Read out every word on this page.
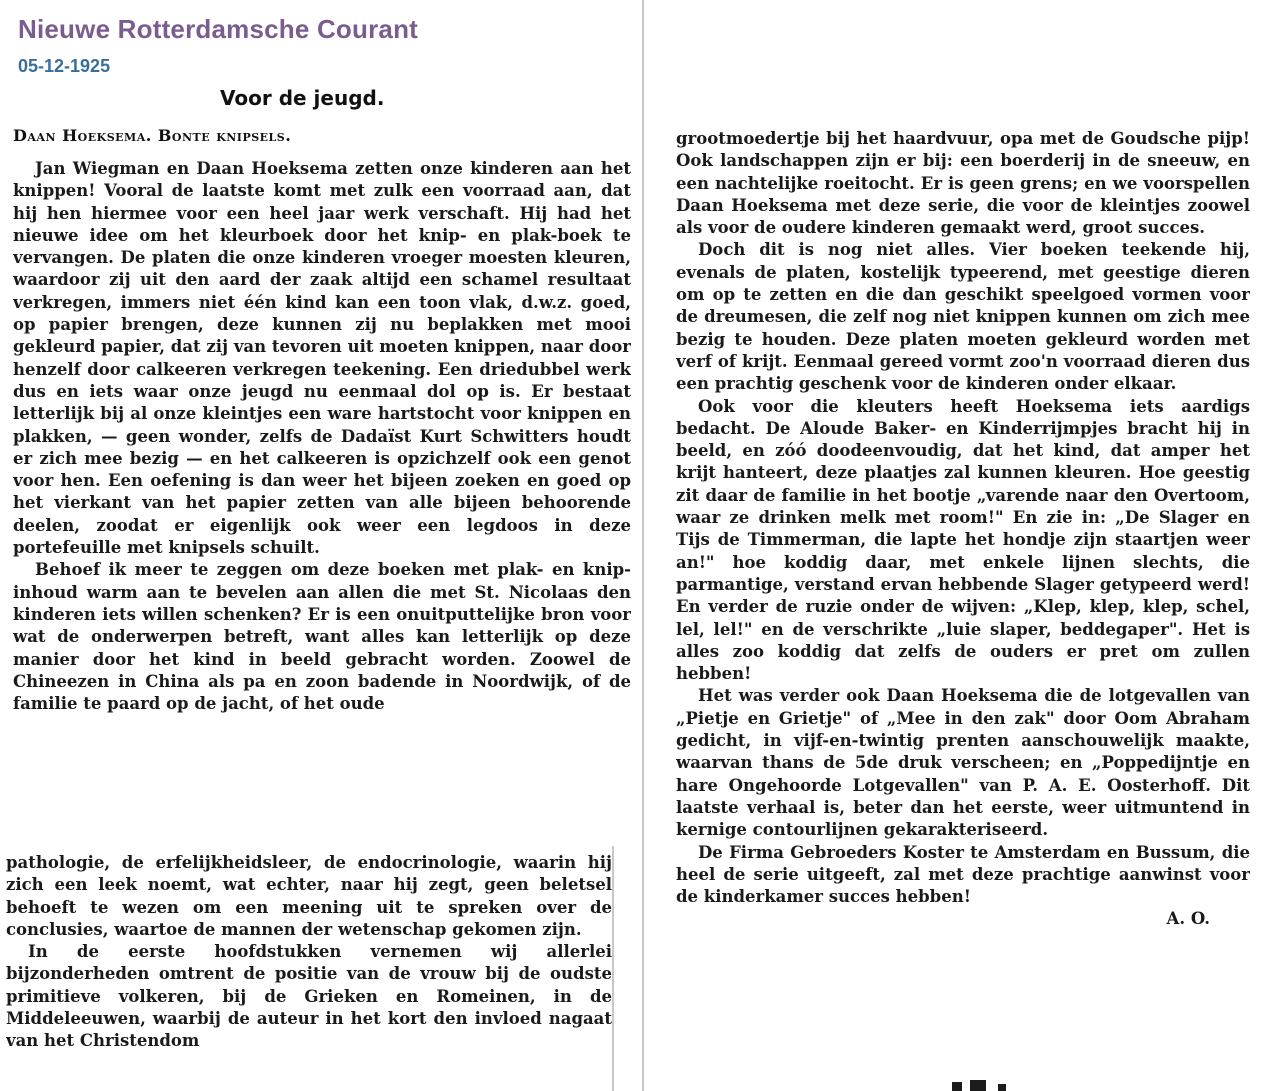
Nieuwe Rotterdamsche Courant
05-12-1925
Voor de jeugd.
Daan Hoeksema. Bonte knipsels.

Jan Wiegman en Daan Hoeksema zetten onze kinderen aan het knippen! Vooral de laatste komt met zulk een voorraad aan, dat hij hen hiermee voor een heel jaar werk verschaft. Hij had het nieuwe idee om het kleurboek door het knip- en plak-boek te vervangen. De platen die onze kinderen vroeger moesten kleuren, waardoor zij uit den aard der zaak altijd een schamel resultaat verkregen, immers niet één kind kan een toon vlak, d.w.z. goed, op papier brengen, deze kunnen zij nu beplakken met mooi gekleurd papier, dat zij van tevoren uit moeten knippen, naar door henzelf door calkeeren verkregen teekening. Een driedubbel werk dus en iets waar onze jeugd nu eenmaal dol op is. Er bestaat letterlijk bij al onze kleintjes een ware hartstocht voor knippen en plakken, — geen wonder, zelfs de Dadaïst Kurt Schwitters houdt er zich mee bezig — en het calkeeren is opzichzelf ook een genot voor hen. Een oefening is dan weer het bijeen zoeken en goed op het vierkant van het papier zetten van alle bijeen behoorende deelen, zoodat er eigenlijk ook weer een legdoos in deze portefeuille met knipsels schuilt.

Behoef ik meer te zeggen om deze boeken met plak- en knip-inhoud warm aan te bevelen aan allen die met St. Nicolaas den kinderen iets willen schenken? Er is een onuitputtelijke bron voor wat de onderwerpen betreft, want alles kan letterlijk op deze manier door het kind in beeld gebracht worden. Zoowel de Chineezen in China als pa en zoon badende in Noordwijk, of de familie te paard op de jacht, of het oude

pathologie, de erfelijkheidsleer, de endocrinologie, waarin hij zich een leek noemt, wat echter, naar hij zegt, geen beletsel behoeft te wezen om een meening uit te spreken over de conclusies, waartoe de mannen der wetenschap gekomen zijn.

In de eerste hoofdstukken vernemen wij allerlei bijzonderheden omtrent de positie van de vrouw bij de oudste primitieve volkeren, bij de Grieken en Romeinen, in de Middeleeuwen, waarbij de auteur in het kort den invloed nagaat van het Christendom

grootmoedertje bij het haardvuur, opa met de Goudsche pijp! Ook landschappen zijn er bij: een boerderij in de sneeuw, en een nachtelijke roeitocht. Er is geen grens; en we voorspellen Daan Hoeksema met deze serie, die voor de kleintjes zoowel als voor de oudere kinderen gemaakt werd, groot succes.

Doch dit is nog niet alles. Vier boeken teekende hij, evenals de platen, kostelijk typeerend, met geestige dieren om op te zetten en die dan geschikt speelgoed vormen voor de dreumesen, die zelf nog niet knippen kunnen om zich mee bezig te houden. Deze platen moeten gekleurd worden met verf of krijt. Eenmaal gereed vormt zoo'n voorraad dieren dus een prachtig geschenk voor de kinderen onder elkaar.

Ook voor die kleuters heeft Hoeksema iets aardigs bedacht. De Aloude Baker- en Kinderrijmpjes bracht hij in beeld, en zóó doodeenvoudig, dat het kind, dat amper het krijt hanteert, deze plaatjes zal kunnen kleuren. Hoe geestig zit daar de familie in het bootje „varende naar den Overtoom, waar ze drinken melk met room!" En zie in: „De Slager en Tijs de Timmerman, die lapte het hondje zijn staartjen weer an!" hoe koddig daar, met enkele lijnen slechts, die parmantige, verstand ervan hebbende Slager getypeerd werd! En verder de ruzie onder de wijven: „Klep, klep, klep, schel, lel, lel!" en de verschrikte „luie slaper, beddegaper". Het is alles zoo koddig dat zelfs de ouders er pret om zullen hebben!

Het was verder ook Daan Hoeksema die de lotgevallen van „Pietje en Grietje" of „Mee in den zak" door Oom Abraham gedicht, in vijf-en-twintig prenten aanschouwelijk maakte, waarvan thans de 5de druk verscheen; en „Poppedijntje en hare Ongehoorde Lotgevallen" van P. A. E. Oosterhoff. Dit laatste verhaal is, beter dan het eerste, weer uitmuntend in kernige contourlijnen gekarakteriseerd.

De Firma Gebroeders Koster te Amsterdam en Bussum, die heel de serie uitgeeft, zal met deze prachtige aanwinst voor de kinderkamer succes hebben!

A. O.
